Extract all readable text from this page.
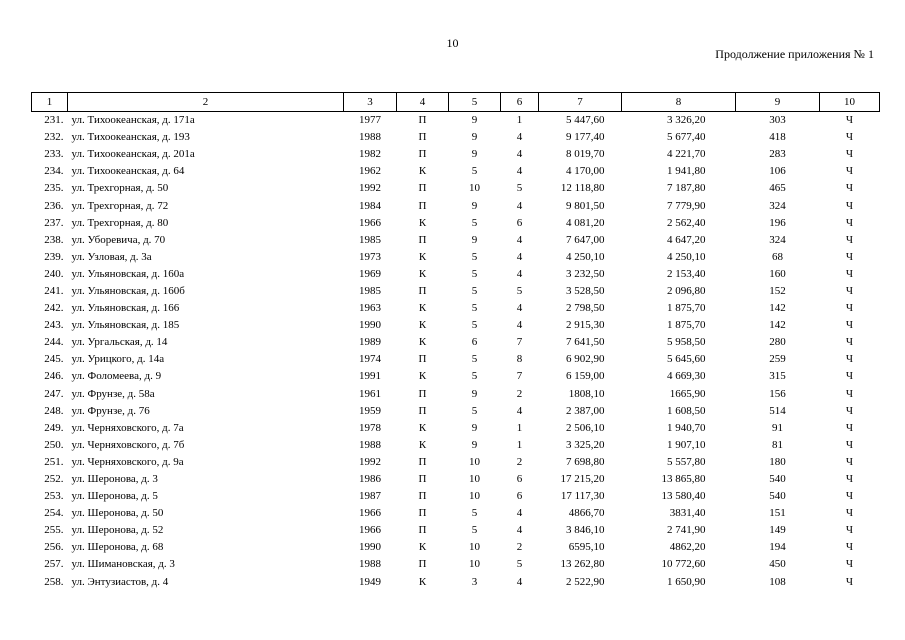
10
Продолжение приложения № 1
1	2	3	4	5	6	7	8	9	10
231.	ул. Тихоокеанская, д. 171а	1977	П	9	1	5 447,60	3 326,20	303	Ч
232.	ул. Тихоокеанская, д. 193	1988	П	9	4	9 177,40	5 677,40	418	Ч
233.	ул. Тихоокеанская, д. 201а	1982	П	9	4	8 019,70	4 221,70	283	Ч
234.	ул. Тихоокеанская, д. 64	1962	К	5	4	4 170,00	1 941,80	106	Ч
235.	ул. Трехгорная, д. 50	1992	П	10	5	12 118,80	7 187,80	465	Ч
236.	ул. Трехгорная, д. 72	1984	П	9	4	9 801,50	7 779,90	324	Ч
237.	ул. Трехгорная, д. 80	1966	К	5	6	4 081,20	2 562,40	196	Ч
238.	ул. Уборевича, д. 70	1985	П	9	4	7 647,00	4 647,20	324	Ч
239.	ул. Узловая, д. 3а	1973	К	5	4	4 250,10	4 250,10	68	Ч
240.	ул. Ульяновская, д. 160а	1969	К	5	4	3 232,50	2 153,40	160	Ч
241.	ул. Ульяновская, д. 160б	1985	П	5	5	3 528,50	2 096,80	152	Ч
242.	ул. Ульяновская, д. 166	1963	К	5	4	2 798,50	1 875,70	142	Ч
243.	ул. Ульяновская, д. 185	1990	К	5	4	2 915,30	1 875,70	142	Ч
244.	ул. Ургальская, д. 14	1989	К	6	7	7 641,50	5 958,50	280	Ч
245.	ул. Урицкого, д. 14а	1974	П	5	8	6 902,90	5 645,60	259	Ч
246.	ул. Фоломеева, д. 9	1991	К	5	7	6 159,00	4 669,30	315	Ч
247.	ул. Фрунзе, д. 58а	1961	П	9	2	1808,10	1665,90	156	Ч
248.	ул. Фрунзе, д. 76	1959	П	5	4	2 387,00	1 608,50	514	Ч
249.	ул. Черняховского, д. 7а	1978	К	9	1	2 506,10	1 940,70	91	Ч
250.	ул. Черняховского, д. 7б	1988	К	9	1	3 325,20	1 907,10	81	Ч
251.	ул. Черняховского, д. 9а	1992	П	10	2	7 698,80	5 557,80	180	Ч
252.	ул. Шеронова, д. 3	1986	П	10	6	17 215,20	13 865,80	540	Ч
253.	ул. Шеронова, д. 5	1987	П	10	6	17 117,30	13 580,40	540	Ч
254.	ул. Шеронова, д. 50	1966	П	5	4	4866,70	3831,40	151	Ч
255.	ул. Шеронова, д. 52	1966	П	5	4	3 846,10	2 741,90	149	Ч
256.	ул. Шеронова, д. 68	1990	К	10	2	6595,10	4862,20	194	Ч
257.	ул. Шимановская, д. 3	1988	П	10	5	13 262,80	10 772,60	450	Ч
258.	ул. Энтузиастов, д. 4	1949	К	3	4	2 522,90	1 650,90	108	Ч
